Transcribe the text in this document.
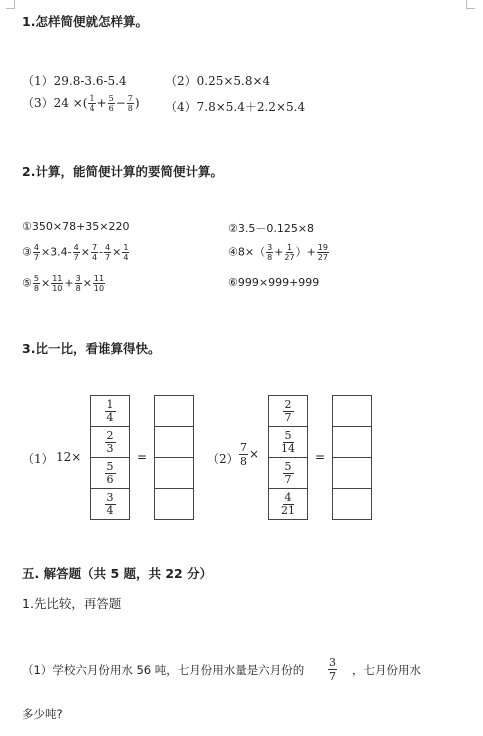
1.怎样简便就怎样算。
（1）29.8-3.6-5.4	（2）0.25×5.8×4
（3）24 ×( $\frac{1}{4} + \frac{5}{6} - \frac{7}{8}$ ) （4）7.8×5.4＋2.2×5.4
2.计算，能简便计算的要简便计算。
①350×78+35×220	②3.5－0.125×8
③ $\frac{4}{7} \times 3.4- \frac{4}{7} \times \frac{7}{4} - \frac{4}{7} \times \frac{1}{4}$	④8×（ $\frac{3}{8} + \frac{1}{27}$ ）+ $\frac{19}{27}$
⑤ $\frac{5}{8} \times \frac{11}{10} + \frac{3}{8} \times \frac{11}{10}$	⑥999×999+999
3.比一比，看谁算得快。
（1） 12×
1
4
2
3
5
6
3
4
=	$(2) \frac{7}{8}$ ×
2
7
5
14
5
7
4
21
=
五. 解答题（共 5 题，共 22 分）
1.先比较，再答题
（1）学校六月份用水 56 吨，七月份用水量是六月份的 $\frac{3}{7}$ ，七月份用水
多少吨?
